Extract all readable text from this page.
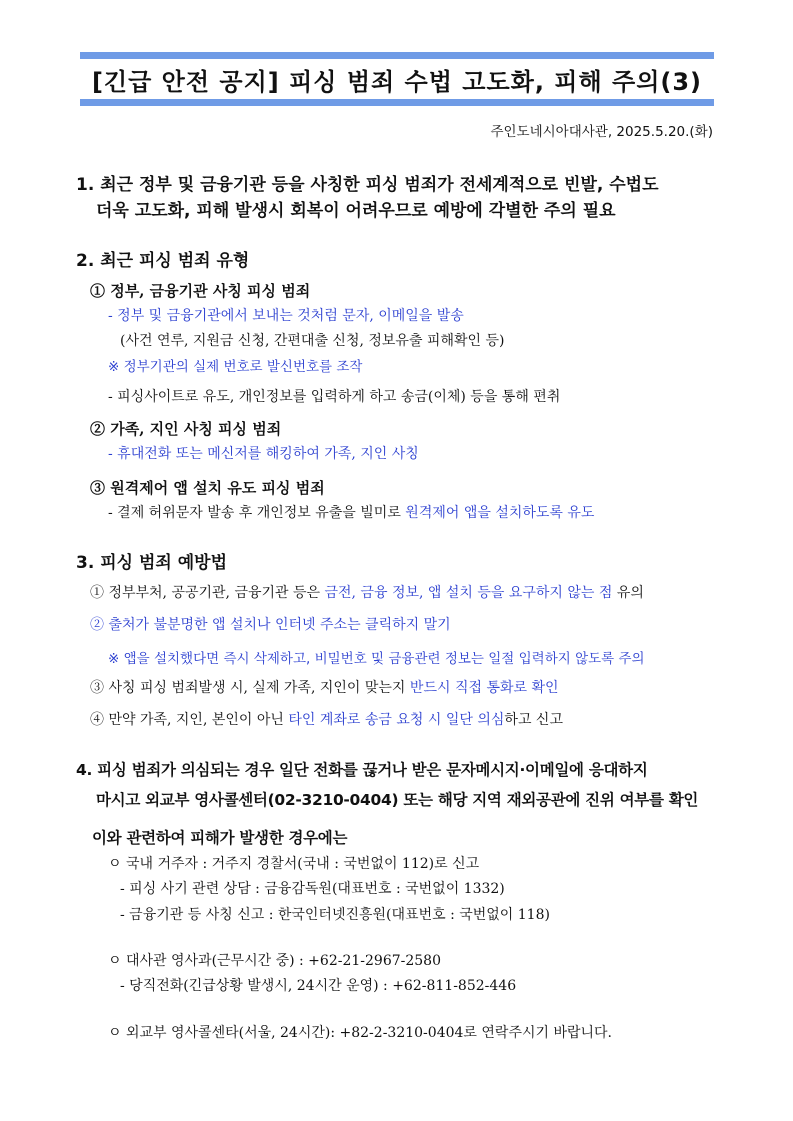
[긴급 안전 공지] 피싱 범죄 수법 고도화, 피해 주의(3)
주인도네시아대사관, 2025.5.20.(화)
1. 최근 정부 및 금융기관 등을 사칭한 피싱 범죄가 전세계적으로 빈발, 수법도
더욱 고도화, 피해 발생시 회복이 어려우므로 예방에 각별한 주의 필요
2. 최근 피싱 범죄 유형
① 정부, 금융기관 사칭 피싱 범죄
- 정부 및 금융기관에서 보내는 것처럼 문자, 이메일을 발송
(사건 연루, 지원금 신청, 간편대출 신청, 정보유출 피해확인 등)
※ 정부기관의 실제 번호로 발신번호를 조작
- 피싱사이트로 유도, 개인정보를 입력하게 하고 송금(이체) 등을 통해 편취
② 가족, 지인 사칭 피싱 범죄
- 휴대전화 또는 메신저를 해킹하여 가족, 지인 사칭
③ 원격제어 앱 설치 유도 피싱 범죄
- 결제 허위문자 발송 후 개인정보 유출을 빌미로 원격제어 앱을 설치하도록 유도
3. 피싱 범죄 예방법
① 정부부처, 공공기관, 금융기관 등은 금전, 금융 정보, 앱 설치 등을 요구하지 않는 점 유의
② 출처가 불분명한 앱 설치나 인터넷 주소는 클릭하지 말기
※ 앱을 설치했다면 즉시 삭제하고, 비밀번호 및 금융관련 정보는 일절 입력하지 않도록 주의
③ 사칭 피싱 범죄발생 시, 실제 가족, 지인이 맞는지 반드시 직접 통화로 확인
④ 만약 가족, 지인, 본인이 아닌 타인 계좌로 송금 요청 시 일단 의심하고 신고
4. 피싱 범죄가 의심되는 경우 일단 전화를 끊거나 받은 문자메시지·이메일에 응대하지
마시고 외교부 영사콜센터(02-3210-0404) 또는 해당 지역 재외공관에 진위 여부를 확인
이와 관련하여 피해가 발생한 경우에는
ㅇ 국내 거주자 : 거주지 경찰서(국내 : 국번없이 112)로 신고
- 피싱 사기 관련 상담 : 금융감독원(대표번호 : 국번없이 1332)
- 금융기관 등 사칭 신고 : 한국인터넷진흥원(대표번호 : 국번없이 118)
ㅇ 대사관 영사과(근무시간 중) : +62-21-2967-2580
- 당직전화(긴급상황 발생시, 24시간 운영) : +62-811-852-446
ㅇ 외교부 영사콜센타(서울, 24시간): +82-2-3210-0404로 연락주시기 바랍니다.
